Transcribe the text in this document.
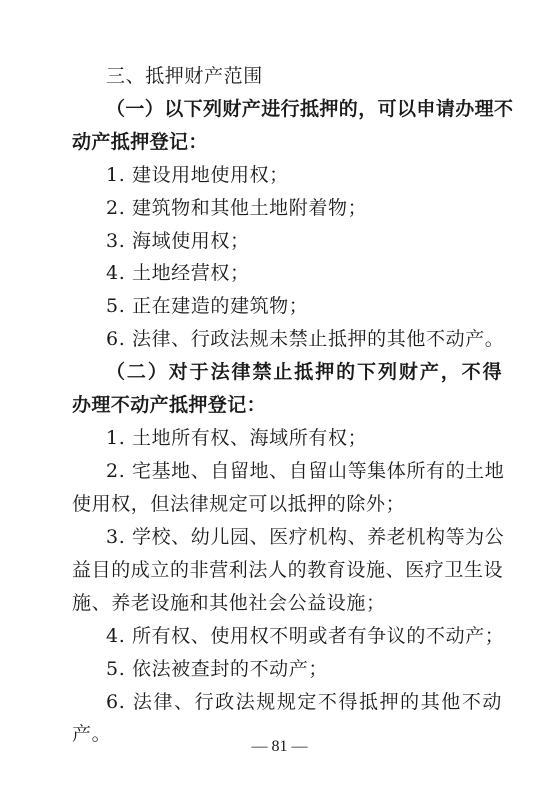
三、抵押财产范围
（一）以下列财产进行抵押的，可以申请办理不
动产抵押登记：
1. 建设用地使用权；
2. 建筑物和其他土地附着物；
3. 海域使用权；
4. 土地经营权；
5. 正在建造的建筑物；
6. 法律、行政法规未禁止抵押的其他不动产。
（二）对于法律禁止抵押的下列财产，不得
办理不动产抵押登记：
1. 土地所有权、海域所有权；
2. 宅基地、自留地、自留山等集体所有的土地
使用权，但法律规定可以抵押的除外；
3. 学校、幼儿园、医疗机构、养老机构等为公
益目的成立的非营利法人的教育设施、医疗卫生设
施、养老设施和其他社会公益设施；
4. 所有权、使用权不明或者有争议的不动产；
5. 依法被查封的不动产；
6. 法律、行政法规规定不得抵押的其他不动
产。
— 81 —
